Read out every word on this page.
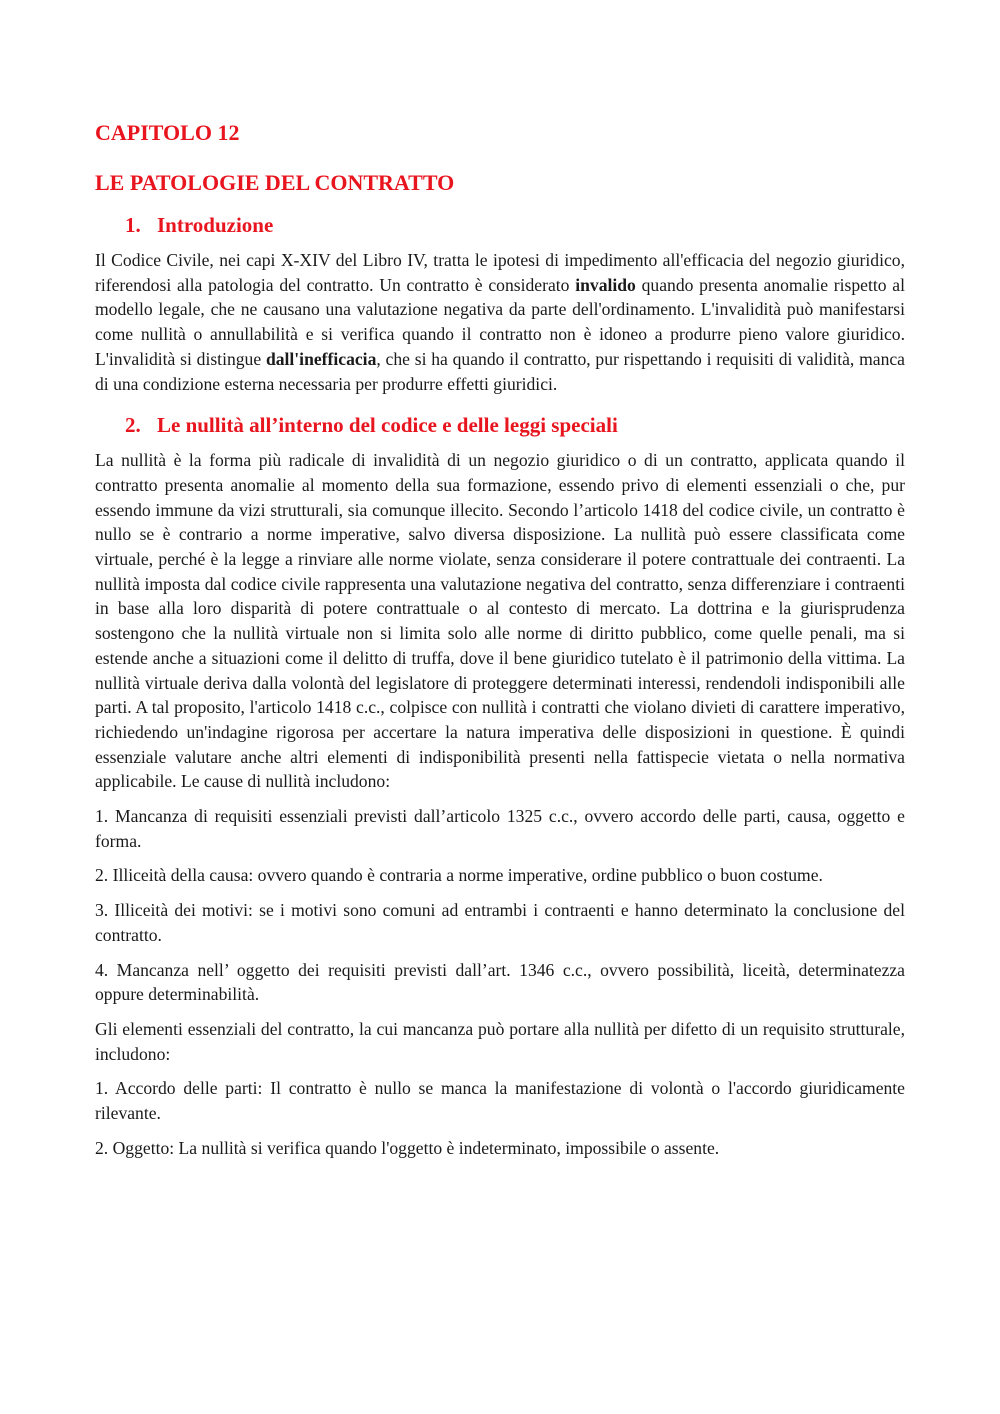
CAPITOLO 12
LE PATOLOGIE DEL CONTRATTO
1. Introduzione

Il Codice Civile, nei capi X-XIV del Libro IV, tratta le ipotesi di impedimento all'efficacia del negozio giuridico, riferendosi alla patologia del contratto. Un contratto è considerato invalido quando presenta anomalie rispetto al modello legale, che ne causano una valutazione negativa da parte dell'ordinamento. L'invalidità può manifestarsi come nullità o annullabilità e si verifica quando il contratto non è idoneo a produrre pieno valore giuridico. L'invalidità si distingue dall'inefficacia, che si ha quando il contratto, pur rispettando i requisiti di validità, manca di una condizione esterna necessaria per produrre effetti giuridici.

2. Le nullità all’interno del codice e delle leggi speciali

La nullità è la forma più radicale di invalidità di un negozio giuridico o di un contratto, applicata quando il contratto presenta anomalie al momento della sua formazione, essendo privo di elementi essenziali o che, pur essendo immune da vizi strutturali, sia comunque illecito. Secondo l’articolo 1418 del codice civile, un contratto è nullo se è contrario a norme imperative, salvo diversa disposizione. La nullità può essere classificata come virtuale, perché è la legge a rinviare alle norme violate, senza considerare il potere contrattuale dei contraenti. La nullità imposta dal codice civile rappresenta una valutazione negativa del contratto, senza differenziare i contraenti in base alla loro disparità di potere contrattuale o al contesto di mercato. La dottrina e la giurisprudenza sostengono che la nullità virtuale non si limita solo alle norme di diritto pubblico, come quelle penali, ma si estende anche a situazioni come il delitto di truffa, dove il bene giuridico tutelato è il patrimonio della vittima. La nullità virtuale deriva dalla volontà del legislatore di proteggere determinati interessi, rendendoli indisponibili alle parti. A tal proposito, l'articolo 1418 c.c., colpisce con nullità i contratti che violano divieti di carattere imperativo, richiedendo un'indagine rigorosa per accertare la natura imperativa delle disposizioni in questione. È quindi essenziale valutare anche altri elementi di indisponibilità presenti nella fattispecie vietata o nella normativa applicabile. Le cause di nullità includono:

1. Mancanza di requisiti essenziali previsti dall’articolo 1325 c.c., ovvero accordo delle parti, causa, oggetto e forma.

2. Illiceità della causa: ovvero quando è contraria a norme imperative, ordine pubblico o buon costume.

3. Illiceità dei motivi: se i motivi sono comuni ad entrambi i contraenti e hanno determinato la conclusione del contratto.

4. Mancanza nell’ oggetto dei requisiti previsti dall’art. 1346 c.c., ovvero possibilità, liceità, determinatezza oppure determinabilità.

Gli elementi essenziali del contratto, la cui mancanza può portare alla nullità per difetto di un requisito strutturale, includono:

1. Accordo delle parti: Il contratto è nullo se manca la manifestazione di volontà o l'accordo giuridicamente rilevante.

2. Oggetto: La nullità si verifica quando l'oggetto è indeterminato, impossibile o assente.
